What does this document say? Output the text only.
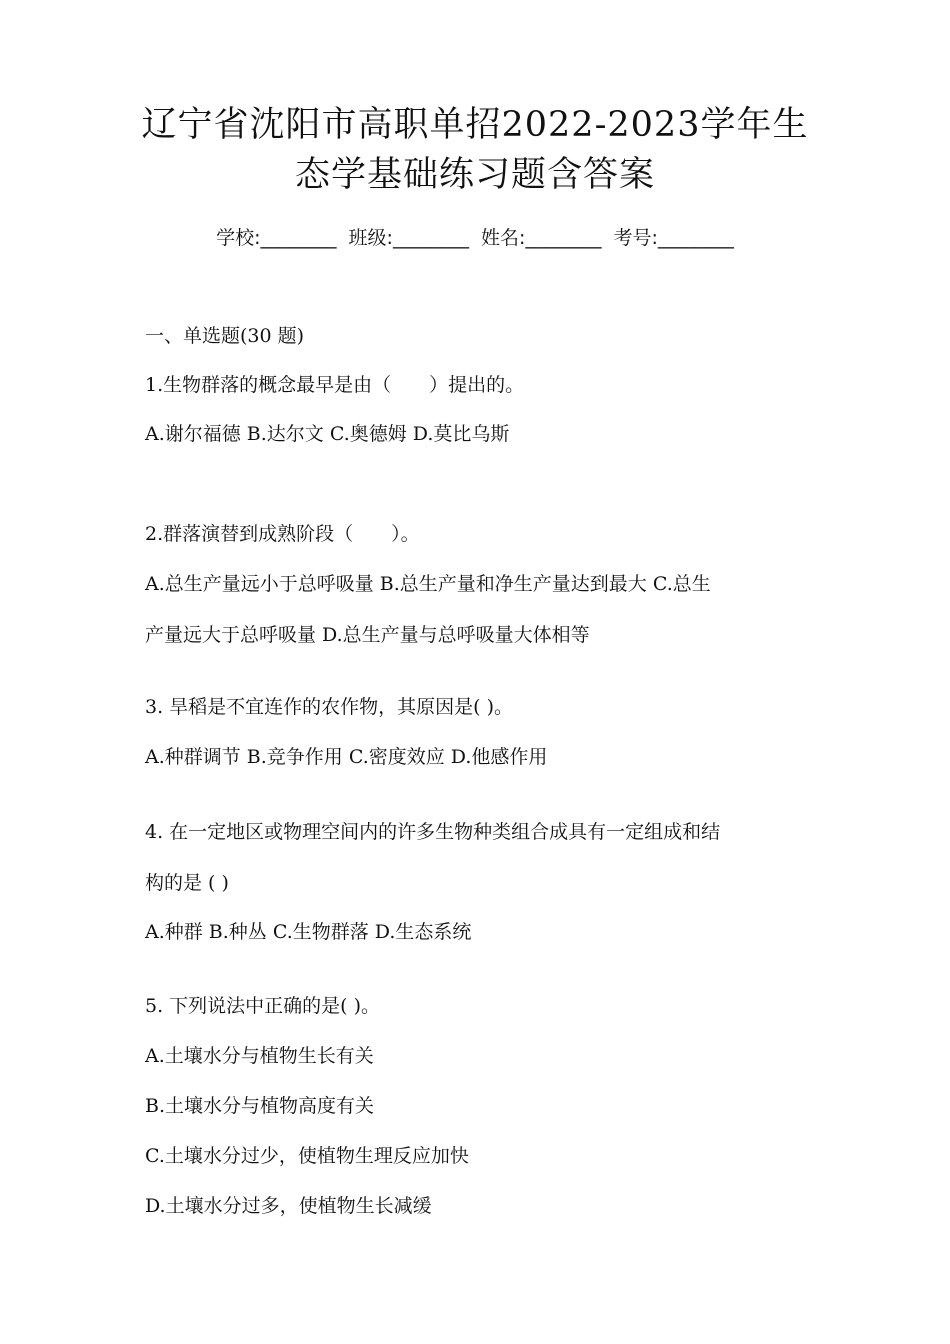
辽宁省沈阳市高职单招2022-2023学年生
态学基础练习题含答案
学校:________  班级:________  姓名:________  考号:________
一、单选题(30 题)
1.生物群落的概念最早是由（　　）提出的。
A.谢尔福德 B.达尔文 C.奥德姆 D.莫比乌斯
2.群落演替到成熟阶段（　　）。
A.总生产量远小于总呼吸量 B.总生产量和净生产量达到最大 C.总生
产量远大于总呼吸量 D.总生产量与总呼吸量大体相等
3. 旱稻是不宜连作的农作物，其原因是( )。
A.种群调节 B.竞争作用 C.密度效应 D.他感作用
4. 在一定地区或物理空间内的许多生物种类组合成具有一定组成和结
构的是 ( )
A.种群 B.种丛 C.生物群落 D.生态系统
5. 下列说法中正确的是( )。
A.土壤水分与植物生长有关
B.土壤水分与植物高度有关
C.土壤水分过少，使植物生理反应加快
D.土壤水分过多，使植物生长减缓
